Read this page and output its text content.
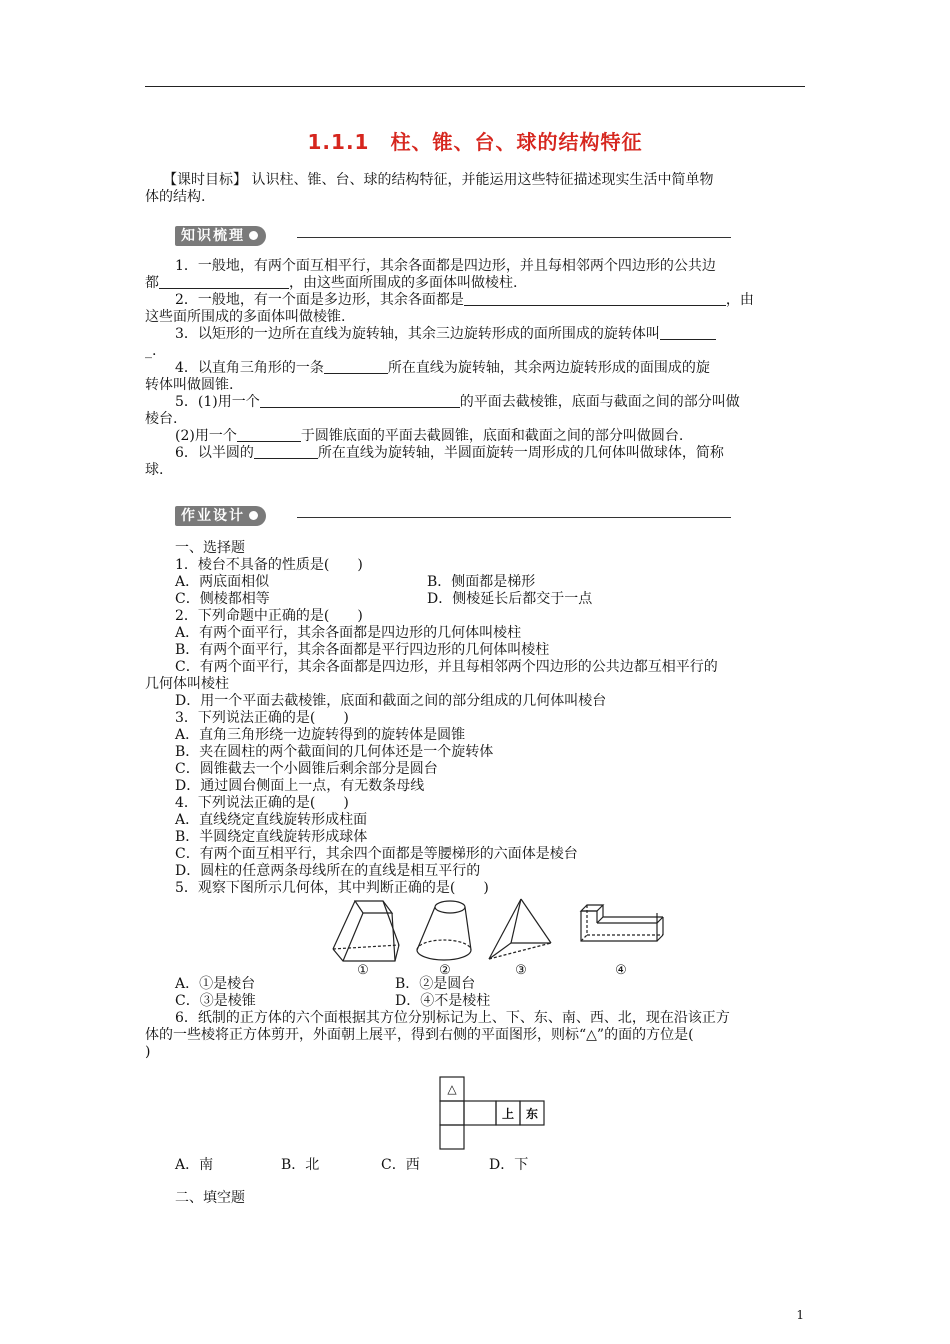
1.1.1　柱、锥、台、球的结构特征
【课时目标】 认识柱、锥、台、球的结构特征，并能运用这些特征描述现实生活中简单物
体的结构.
知识梳理
1．一般地，有两个面互相平行，其余各面都是四边形，并且每相邻两个四边形的公共边
都	，由这些面所围成的多面体叫做棱柱.
2．一般地，有一个面是多边形，其余各面都是	，由
这些面所围成的多面体叫做棱锥.
3．以矩形的一边所在直线为旋转轴，其余三边旋转形成的面所围成的旋转体叫
_.
4．以直角三角形的一条	所在直线为旋转轴，其余两边旋转形成的面围成的旋
转体叫做圆锥.
5．(1)用一个	的平面去截棱锥，底面与截面之间的部分叫做
棱台.
(2)用一个	于圆锥底面的平面去截圆锥，底面和截面之间的部分叫做圆台.
6．以半圆的	所在直线为旋转轴，半圆面旋转一周形成的几何体叫做球体，简称
球.
作业设计
一、选择题
1．棱台不具备的性质是(　　)
A．两底面相似	B．侧面都是梯形
C．侧棱都相等	D．侧棱延长后都交于一点
2．下列命题中正确的是(　　)
A．有两个面平行，其余各面都是四边形的几何体叫棱柱
B．有两个面平行，其余各面都是平行四边形的几何体叫棱柱
C．有两个面平行，其余各面都是四边形，并且每相邻两个四边形的公共边都互相平行的
几何体叫棱柱
D．用一个平面去截棱锥，底面和截面之间的部分组成的几何体叫棱台
3．下列说法正确的是(　　)
A．直角三角形绕一边旋转得到的旋转体是圆锥
B．夹在圆柱的两个截面间的几何体还是一个旋转体
C．圆锥截去一个小圆锥后剩余部分是圆台
D．通过圆台侧面上一点，有无数条母线
4．下列说法正确的是(　　)
A．直线绕定直线旋转形成柱面
B．半圆绕定直线旋转形成球体
C．有两个面互相平行，其余四个面都是等腰梯形的六面体是棱台
D．圆柱的任意两条母线所在的直线是相互平行的
5．观察下图所示几何体，其中判断正确的是(　　)
①	②	③	④
A．①是棱台	B．②是圆台
C．③是棱锥	D．④不是棱柱
6．纸制的正方体的六个面根据其方位分别标记为上、下、东、南、西、北，现在沿该正方
体的一些棱将正方体剪开，外面朝上展平，得到右侧的平面图形，则标“△”的面的方位是(
)
△
上 东
A．南	B．北	C．西	D．下
二、填空题
1
